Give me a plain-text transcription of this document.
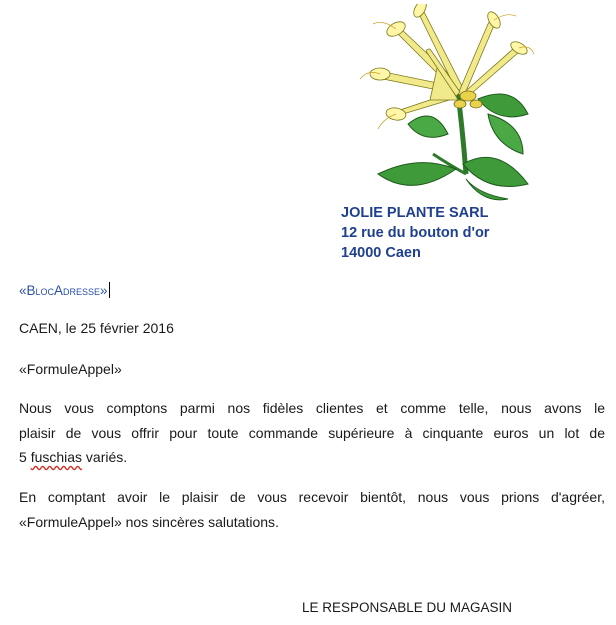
JOLIE PLANTE SARL
12 rue du bouton d'or
14000 Caen
«BlocAdresse»
CAEN, le 25 février 2016
«FormuleAppel»
Nous vous comptons parmi nos fidèles clientes et comme telle, nous avons le
plaisir de vous offrir pour toute commande supérieure à cinquante euros un lot de
5 fuschias variés.
En comptant avoir le plaisir de vous recevoir bientôt, nous vous prions d'agréer,
«FormuleAppel» nos sincères salutations.
LE RESPONSABLE DU MAGASIN
